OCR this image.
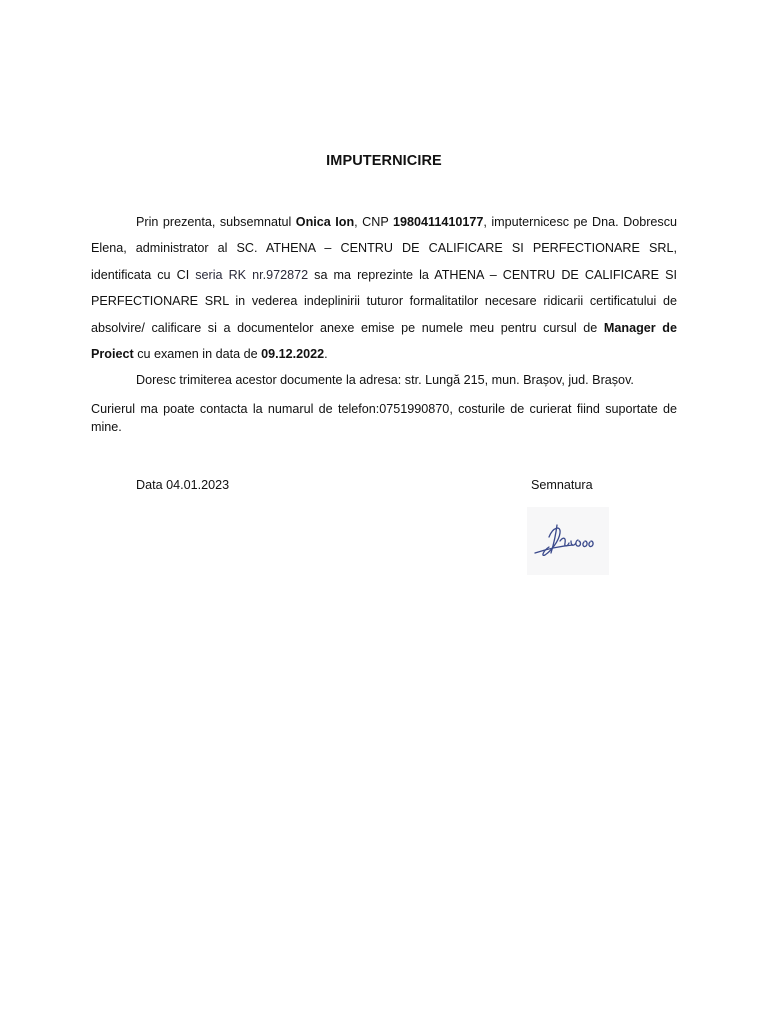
IMPUTERNICIRE
Prin prezenta, subsemnatul Onica Ion, CNP 1980411410177, imputernicesc pe Dna. Dobrescu Elena, administrator al SC. ATHENA – CENTRU DE CALIFICARE SI PERFECTIONARE SRL, identificata cu CI seria RK nr.972872 sa ma reprezinte la ATHENA – CENTRU DE CALIFICARE SI PERFECTIONARE SRL in vederea indeplinirii tuturor formalitatilor necesare ridicarii certificatului de absolvire/ calificare si a documentelor anexe emise pe numele meu pentru cursul de Manager de Proiect cu examen in data de 09.12.2022.
Doresc trimiterea acestor documente la adresa: str. Lungă 215, mun. Brașov, jud. Brașov.
Curierul ma poate contacta la numarul de telefon:0751990870, costurile de curierat fiind suportate de mine.
Data 04.01.2023	Semnatura
